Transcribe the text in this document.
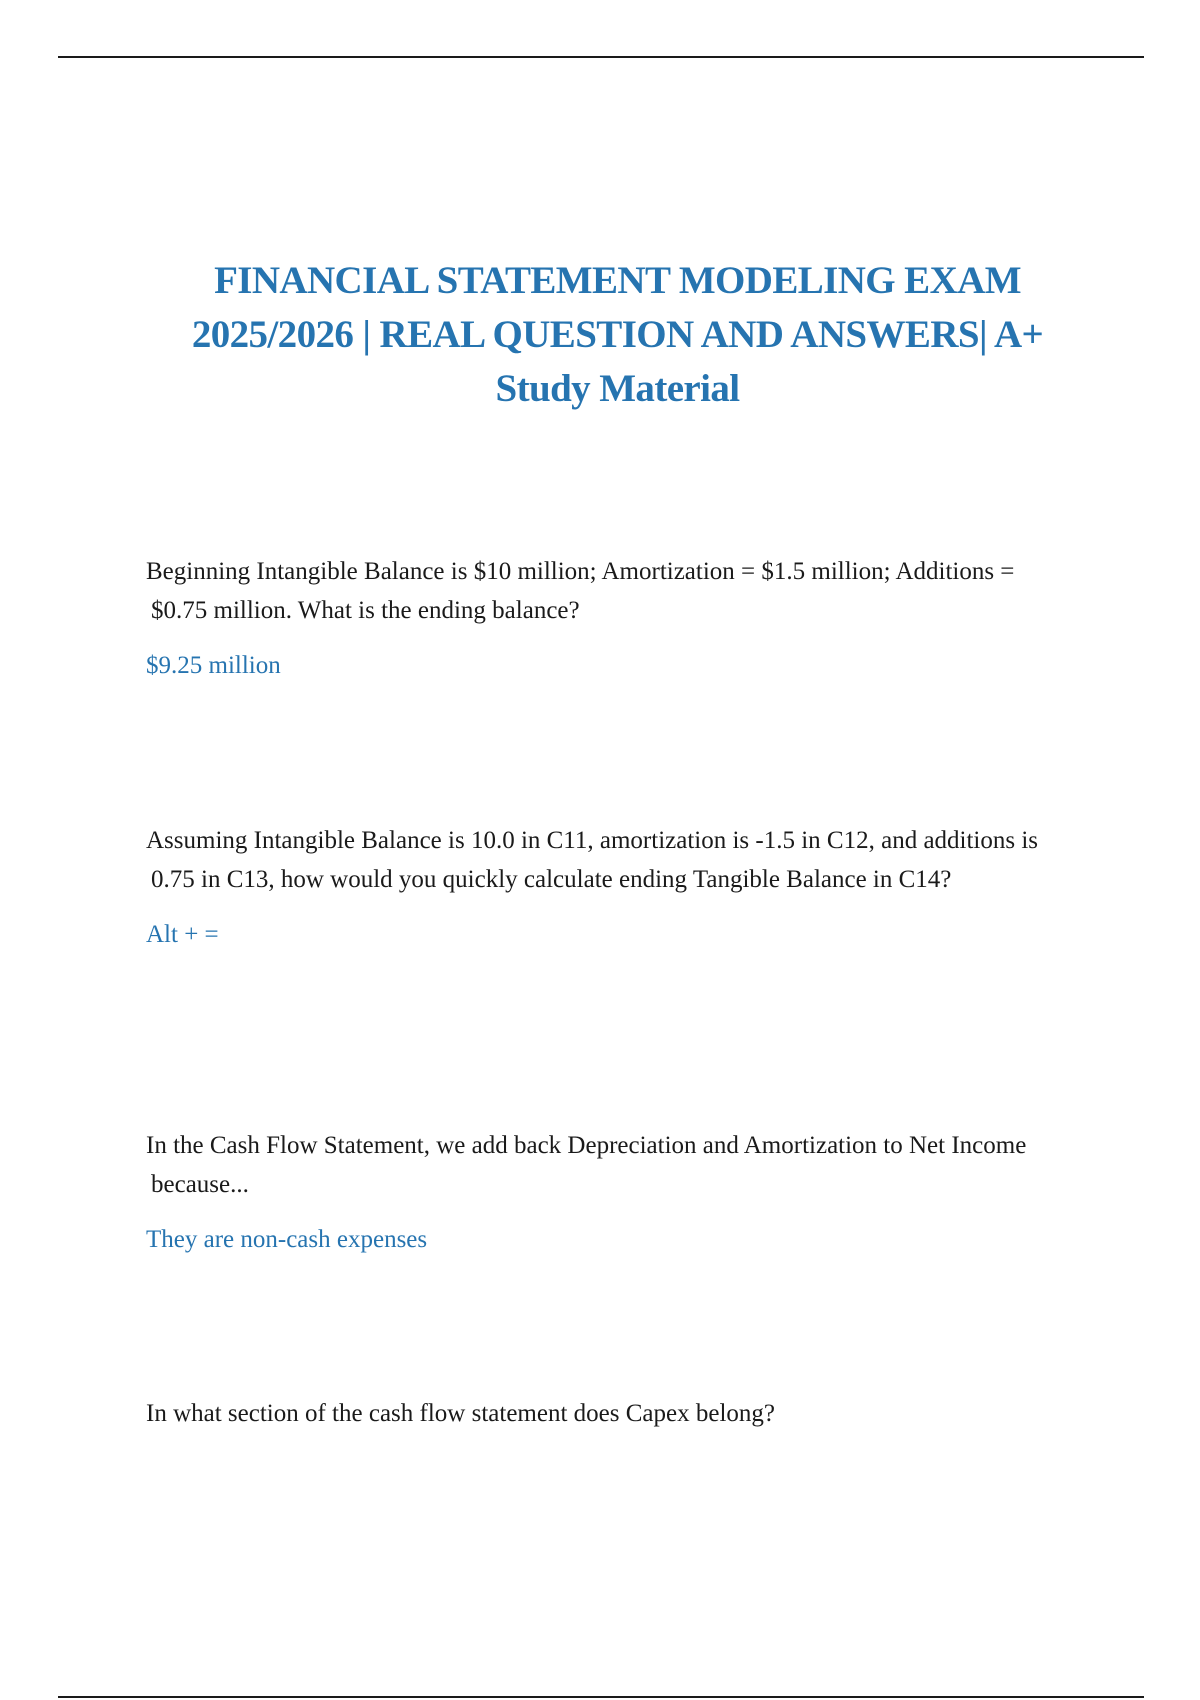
FINANCIAL STATEMENT MODELING EXAM
2025/2026 | REAL QUESTION AND ANSWERS| A+
Study Material

Beginning Intangible Balance is $10 million; Amortization = $1.5 million; Additions = $0.75 million. What is the ending balance?

$9.25 million

Assuming Intangible Balance is 10.0 in C11, amortization is -1.5 in C12, and additions is 0.75 in C13, how would you quickly calculate ending Tangible Balance in C14?

Alt + =

In the Cash Flow Statement, we add back Depreciation and Amortization to Net Income because...

They are non-cash expenses

In what section of the cash flow statement does Capex belong?
